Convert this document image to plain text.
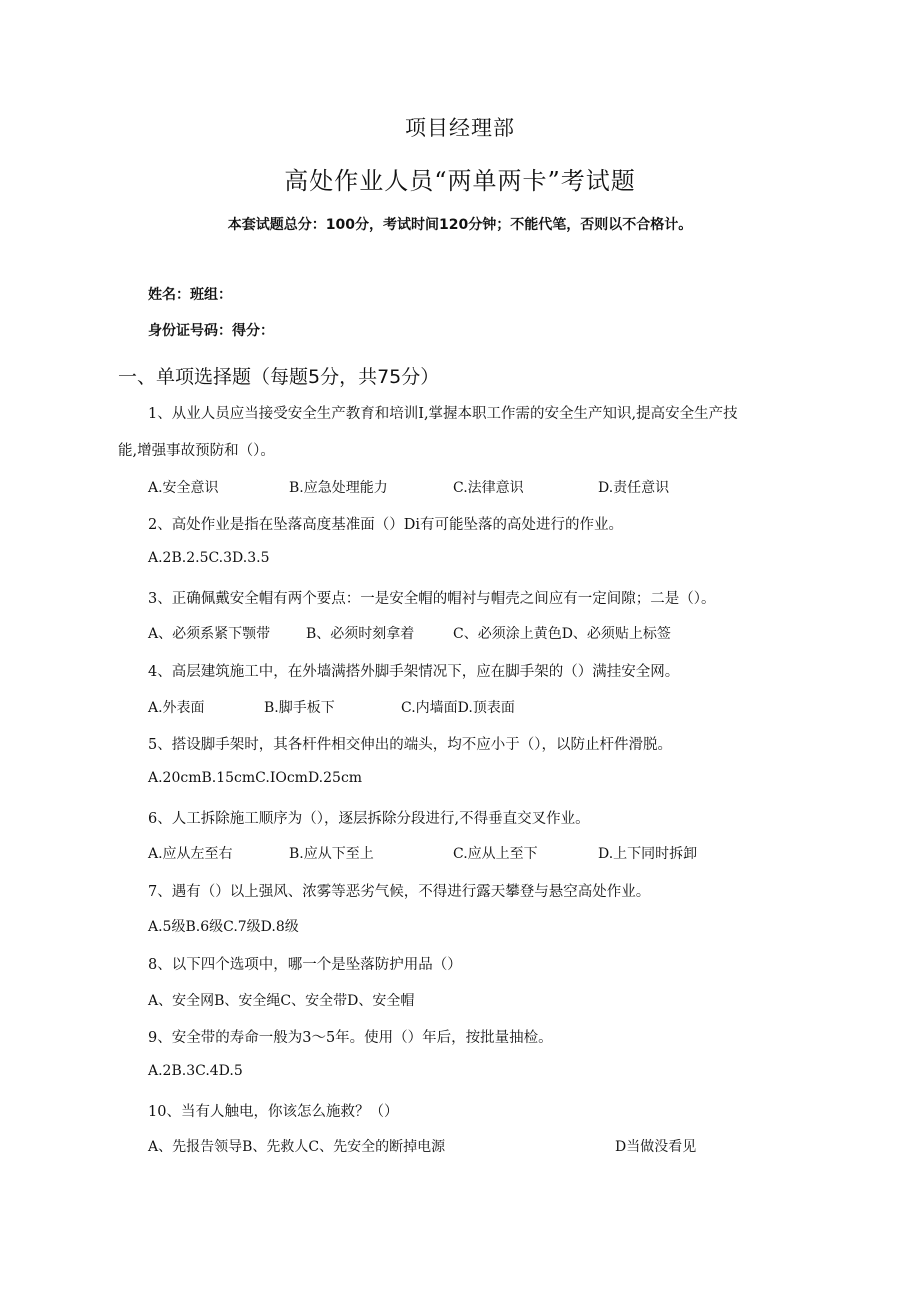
项目经理部
高处作业人员“两单两卡”考试题
本套试题总分：100分，考试时间120分钟；不能代笔，否则以不合格计。
姓名：班组：
身份证号码：得分：
一、单项选择题（每题5分，共75分）
1、从业人员应当接受安全生产教育和培训I,掌握本职工作需的安全生产知识,提高安全生产技
能,增强事故预防和（）。
A.安全意识	B.应急处理能力	C.法律意识	D.责任意识
2、高处作业是指在坠落高度基准面（）Di有可能坠落的高处进行的作业。
A.2B.2.5C.3D.3.5
3、正确佩戴安全帽有两个要点：一是安全帽的帽衬与帽壳之间应有一定间隙；二是（）。
A、必须系紧下颚带	B、必须时刻拿着	C、必须涂上黄色D、必须贴上标签
4、高层建筑施工中，在外墙满搭外脚手架情况下，应在脚手架的（）满挂安全网。
A.外表面	B.脚手板下	C.内墙面D.顶表面
5、搭设脚手架时，其各杆件相交伸出的端头，均不应小于（），以防止杆件滑脱。
A.20cmB.15cmC.IOcmD.25cm
6、人工拆除施工顺序为（），逐层拆除分段进行,不得垂直交叉作业。
A.应从左至右	B.应从下至上	C.应从上至下	D.上下同时拆卸
7、遇有（）以上强风、浓雾等恶劣气候，不得进行露天攀登与悬空高处作业。
A.5级B.6级C.7级D.8级
8、以下四个选项中，哪一个是坠落防护用品（）
A、安全网B、安全绳C、安全带D、安全帽
9、安全带的寿命一般为3～5年。使用（）年后，按批量抽检。
A.2B.3C.4D.5
10、当有人触电，你该怎么施救？（）
A、先报告领导B、先救人C、先安全的断掉电源	D当做没看见
